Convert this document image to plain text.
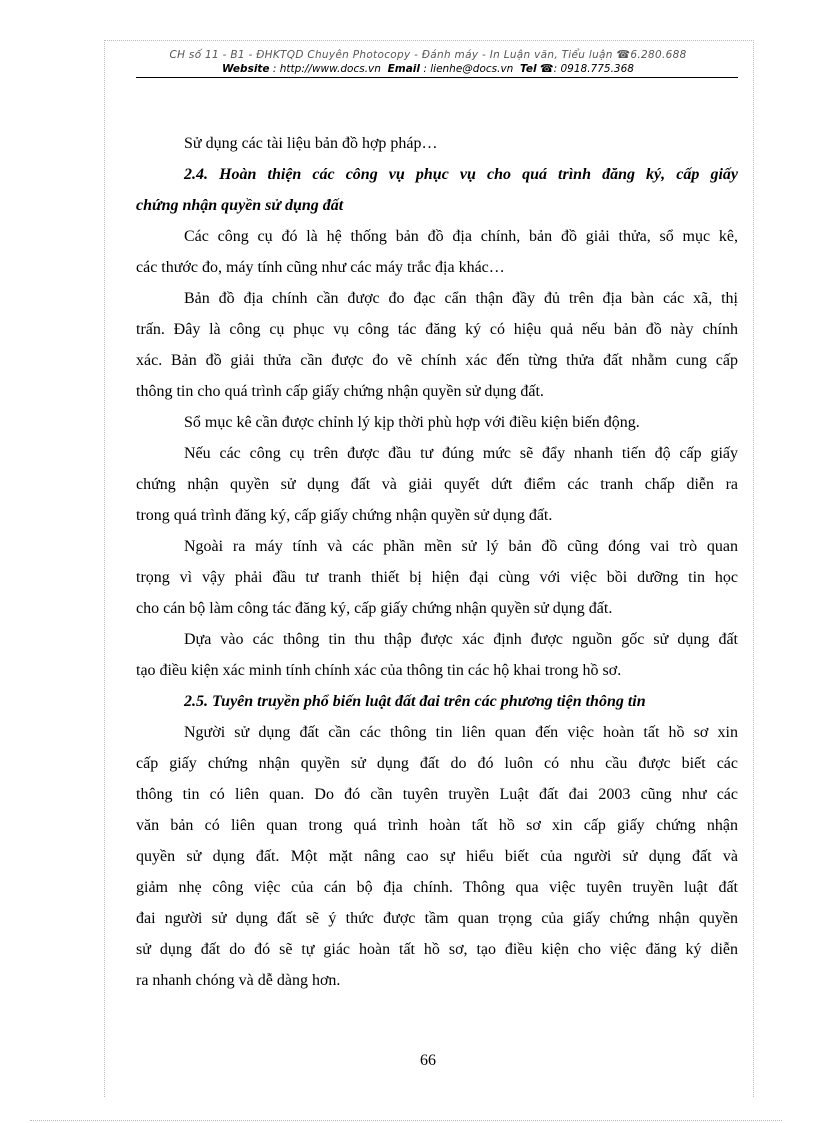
CH số 11 - B1 - ĐHKTQD Chuyên Photocopy - Đánh máy - In Luận văn, Tiểu luận ☎6.280.688
Website : http://www.docs.vn Email : lienhe@docs.vn Tel ☎: 0918.775.368

Sử dụng các tài liệu bản đồ hợp pháp…

2.4. Hoàn thiện các công vụ phục vụ cho quá trình đăng ký, cấp giấy

chứng nhận quyền sử dụng đất

Các công cụ đó là hệ thống bản đồ địa chính, bản đồ giải thửa, sổ mục kê,

các thước đo, máy tính cũng như các máy trắc địa khác…

Bản đồ địa chính cần được đo đạc cẩn thận đầy đủ trên địa bàn các xã, thị

trấn. Đây là công cụ phục vụ công tác đăng ký có hiệu quả nếu bản đồ này chính

xác. Bản đồ giải thửa cần được đo vẽ chính xác đến từng thửa đất nhằm cung cấp

thông tin cho quá trình cấp giấy chứng nhận quyền sử dụng đất.

Sổ mục kê cần được chỉnh lý kịp thời phù hợp với điều kiện biến động.

Nếu các công cụ trên được đầu tư đúng mức sẽ đẩy nhanh tiến độ cấp giấy

chứng nhận quyền sử dụng đất và giải quyết dứt điểm các tranh chấp diễn ra

trong quá trình đăng ký, cấp giấy chứng nhận quyền sử dụng đất.

Ngoài ra máy tính và các phần mền sử lý bản đồ cũng đóng vai trò quan

trọng vì vậy phải đầu tư tranh thiết bị hiện đại cùng với việc bồi dưỡng tin học

cho cán bộ làm công tác đăng ký, cấp giấy chứng nhận quyền sử dụng đất.

Dựa vào các thông tin thu thập được xác định được nguồn gốc sử dụng đất

tạo điều kiện xác minh tính chính xác của thông tin các hộ khai trong hồ sơ.

2.5. Tuyên truyền phổ biến luật đất đai trên các phương tiện thông tin

Người sử dụng đất cần các thông tin liên quan đến việc hoàn tất hồ sơ xin

cấp giấy chứng nhận quyền sử dụng đất do đó luôn có nhu cầu được biết các

thông tin có liên quan. Do đó cần tuyên truyền Luật đất đai 2003 cũng như các

văn bản có liên quan trong quá trình hoàn tất hồ sơ xin cấp giấy chứng nhận

quyền sử dụng đất. Một mặt nâng cao sự hiểu biết của người sử dụng đất và

giảm nhẹ công việc của cán bộ địa chính. Thông qua việc tuyên truyền luật đất

đai người sử dụng đất sẽ ý thức được tầm quan trọng của giấy chứng nhận quyền

sử dụng đất do đó sẽ tự giác hoàn tất hồ sơ, tạo điều kiện cho việc đăng ký diễn

ra nhanh chóng và dễ dàng hơn.

66
